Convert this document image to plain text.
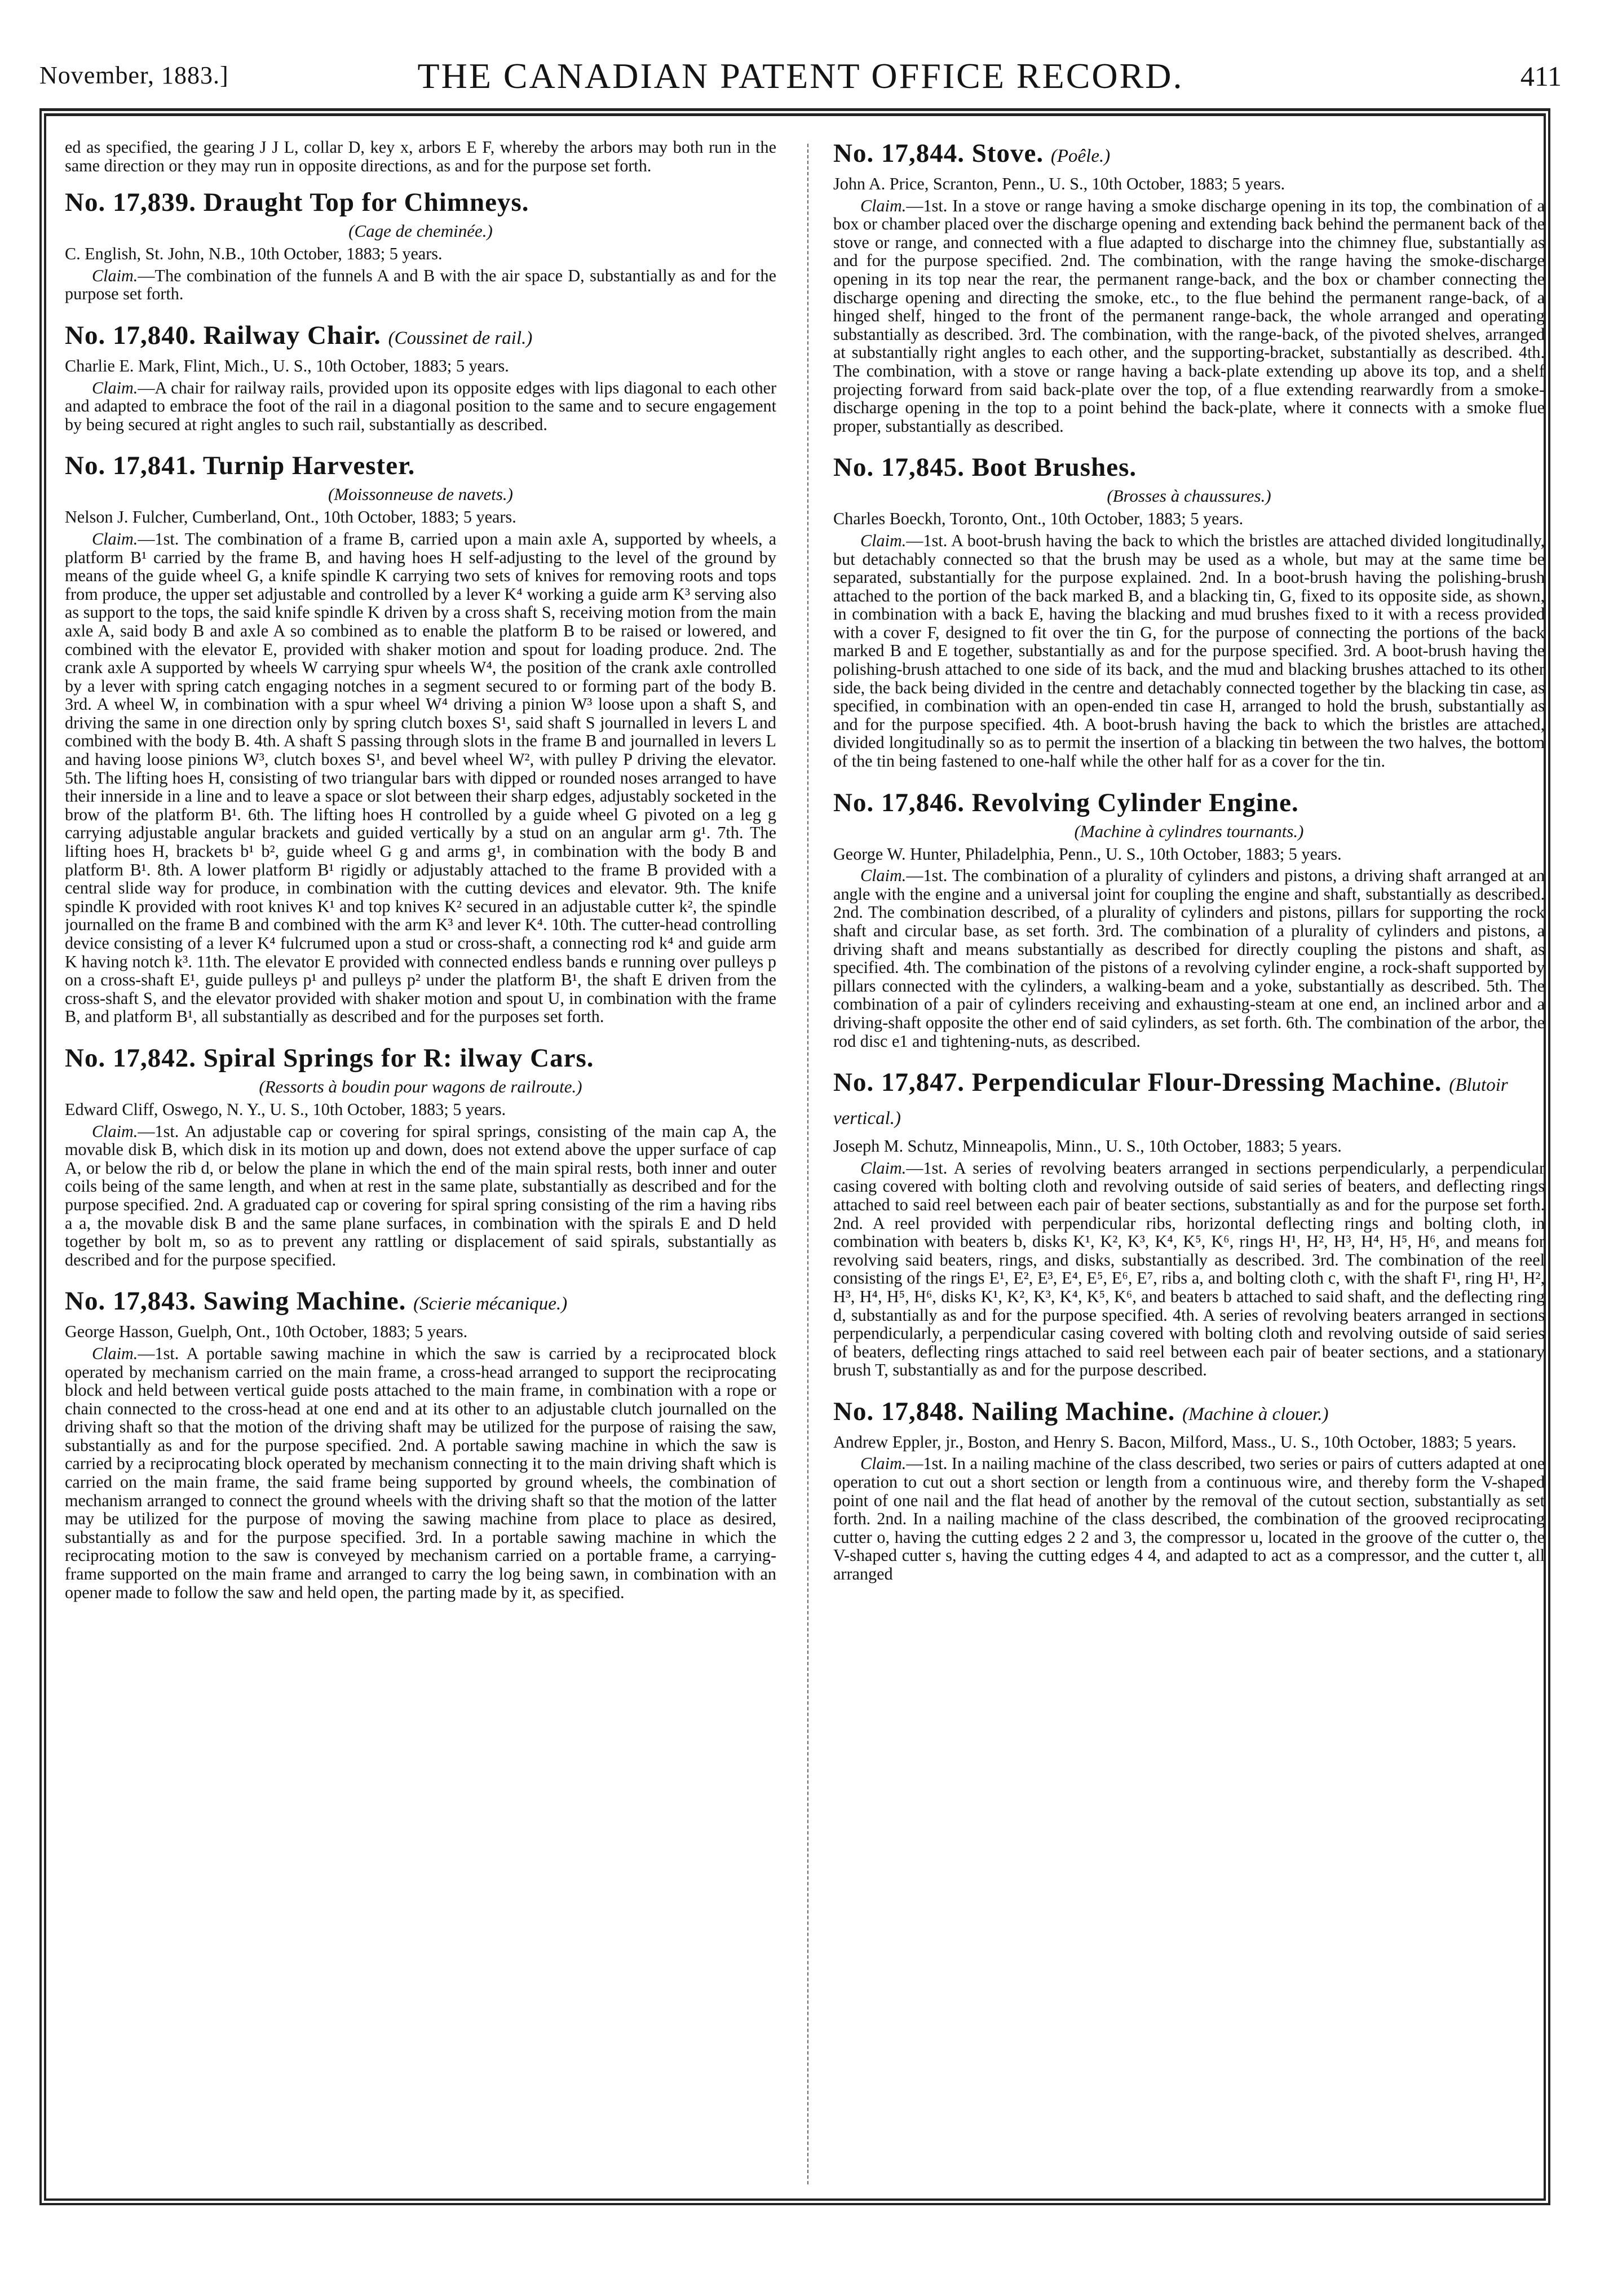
November, 1883.]	THE CANADIAN PATENT OFFICE RECORD.	411

ed as specified, the gearing J J L, collar D, key x, arbors E F, whereby the arbors may both run in the same direction or they may run in opposite directions, as and for the purpose set forth.

No. 17,839. Draught Top for Chimneys.
(Cage de cheminée.)

C. English, St. John, N.B., 10th October, 1883; 5 years.

Claim.—The combination of the funnels A and B with the air space D, substantially as and for the purpose set forth.

No. 17,840. Railway Chair. (Coussinet de rail.)

Charlie E. Mark, Flint, Mich., U. S., 10th October, 1883; 5 years.

Claim.—A chair for railway rails, provided upon its opposite edges with lips diagonal to each other and adapted to embrace the foot of the rail in a diagonal position to the same and to secure engagement by being secured at right angles to such rail, substantially as described.

No. 17,841. Turnip Harvester.
(Moissonneuse de navets.)

Nelson J. Fulcher, Cumberland, Ont., 10th October, 1883; 5 years.

Claim.—1st. The combination of a frame B, carried upon a main axle A, supported by wheels, a platform B¹ carried by the frame B, and having hoes H self-adjusting to the level of the ground by means of the guide wheel G, a knife spindle K carrying two sets of knives for removing roots and tops from produce, the upper set adjustable and controlled by a lever K⁴ working a guide arm K³ serving also as support to the tops, the said knife spindle K driven by a cross shaft S, receiving motion from the main axle A, said body B and axle A so combined as to enable the platform B to be raised or lowered, and combined with the elevator E, provided with shaker motion and spout for loading produce. 2nd. The crank axle A supported by wheels W carrying spur wheels W⁴, the position of the crank axle controlled by a lever with spring catch engaging notches in a segment secured to or forming part of the body B. 3rd. A wheel W, in combination with a spur wheel W⁴ driving a pinion W³ loose upon a shaft S, and driving the same in one direction only by spring clutch boxes S¹, said shaft S journalled in levers L and combined with the body B. 4th. A shaft S passing through slots in the frame B and journalled in levers L and having loose pinions W³, clutch boxes S¹, and bevel wheel W², with pulley P driving the elevator. 5th. The lifting hoes H, consisting of two triangular bars with dipped or rounded noses arranged to have their innerside in a line and to leave a space or slot between their sharp edges, adjustably socketed in the brow of the platform B¹. 6th. The lifting hoes H controlled by a guide wheel G pivoted on a leg g carrying adjustable angular brackets and guided vertically by a stud on an angular arm g¹. 7th. The lifting hoes H, brackets b¹ b², guide wheel G g and arms g¹, in combination with the body B and platform B¹. 8th. A lower platform B¹ rigidly or adjustably attached to the frame B provided with a central slide way for produce, in combination with the cutting devices and elevator. 9th. The knife spindle K provided with root knives K¹ and top knives K² secured in an adjustable cutter k², the spindle journalled on the frame B and combined with the arm K³ and lever K⁴. 10th. The cutter-head controlling device consisting of a lever K⁴ fulcrumed upon a stud or cross-shaft, a connecting rod k⁴ and guide arm K having notch k³. 11th. The elevator E provided with connected endless bands e running over pulleys p on a cross-shaft E¹, guide pulleys p¹ and pulleys p² under the platform B¹, the shaft E driven from the cross-shaft S, and the elevator provided with shaker motion and spout U, in combination with the frame B, and platform B¹, all substantially as described and for the purposes set forth.

No. 17,842. Spiral Springs for R: ilway Cars.
(Ressorts à boudin pour wagons de railroute.)

Edward Cliff, Oswego, N. Y., U. S., 10th October, 1883; 5 years.

Claim.—1st. An adjustable cap or covering for spiral springs, consisting of the main cap A, the movable disk B, which disk in its motion up and down, does not extend above the upper surface of cap A, or below the rib d, or below the plane in which the end of the main spiral rests, both inner and outer coils being of the same length, and when at rest in the same plate, substantially as described and for the purpose specified. 2nd. A graduated cap or covering for spiral spring consisting of the rim a having ribs a a, the movable disk B and the same plane surfaces, in combination with the spirals E and D held together by bolt m, so as to prevent any rattling or displacement of said spirals, substantially as described and for the purpose specified.

No. 17,843. Sawing Machine. (Scierie mécanique.)

George Hasson, Guelph, Ont., 10th October, 1883; 5 years.

Claim.—1st. A portable sawing machine in which the saw is carried by a reciprocated block operated by mechanism carried on the main frame, a cross-head arranged to support the reciprocating block and held between vertical guide posts attached to the main frame, in combination with a rope or chain connected to the cross-head at one end and at its other to an adjustable clutch journalled on the driving shaft so that the motion of the driving shaft may be utilized for the purpose of raising the saw, substantially as and for the purpose specified. 2nd. A portable sawing machine in which the saw is carried by a reciprocating block operated by mechanism connecting it to the main driving shaft which is carried on the main frame, the said frame being supported by ground wheels, the combination of mechanism arranged to connect the ground wheels with the driving shaft so that the motion of the latter may be utilized for the purpose of moving the sawing machine from place to place as desired, substantially as and for the purpose specified. 3rd. In a portable sawing machine in which the reciprocating motion to the saw is conveyed by mechanism carried on a portable frame, a carrying-frame supported on the main frame and arranged to carry the log being sawn, in combination with an opener made to follow the saw and held open, the parting made by it, as specified.

No. 17,844. Stove. (Poêle.)

John A. Price, Scranton, Penn., U. S., 10th October, 1883; 5 years.

Claim.—1st. In a stove or range having a smoke discharge opening in its top, the combination of a box or chamber placed over the discharge opening and extending back behind the permanent back of the stove or range, and connected with a flue adapted to discharge into the chimney flue, substantially as and for the purpose specified. 2nd. The combination, with the range having the smoke-discharge opening in its top near the rear, the permanent range-back, and the box or chamber connecting the discharge opening and directing the smoke, etc., to the flue behind the permanent range-back, of a hinged shelf, hinged to the front of the permanent range-back, the whole arranged and operating substantially as described. 3rd. The combination, with the range-back, of the pivoted shelves, arranged at substantially right angles to each other, and the supporting-bracket, substantially as described. 4th. The combination, with a stove or range having a back-plate extending up above its top, and a shelf projecting forward from said back-plate over the top, of a flue extending rearwardly from a smoke-discharge opening in the top to a point behind the back-plate, where it connects with a smoke flue proper, substantially as described.

No. 17,845. Boot Brushes.
(Brosses à chaussures.)

Charles Boeckh, Toronto, Ont., 10th October, 1883; 5 years.

Claim.—1st. A boot-brush having the back to which the bristles are attached divided longitudinally, but detachably connected so that the brush may be used as a whole, but may at the same time be separated, substantially for the purpose explained. 2nd. In a boot-brush having the polishing-brush attached to the portion of the back marked B, and a blacking tin, G, fixed to its opposite side, as shown, in combination with a back E, having the blacking and mud brushes fixed to it with a recess provided with a cover F, designed to fit over the tin G, for the purpose of connecting the portions of the back marked B and E together, substantially as and for the purpose specified. 3rd. A boot-brush having the polishing-brush attached to one side of its back, and the mud and blacking brushes attached to its other side, the back being divided in the centre and detachably connected together by the blacking tin case, as specified, in combination with an open-ended tin case H, arranged to hold the brush, substantially as and for the purpose specified. 4th. A boot-brush having the back to which the bristles are attached, divided longitudinally so as to permit the insertion of a blacking tin between the two halves, the bottom of the tin being fastened to one-half while the other half for as a cover for the tin.

No. 17,846. Revolving Cylinder Engine.
(Machine à cylindres tournants.)

George W. Hunter, Philadelphia, Penn., U. S., 10th October, 1883; 5 years.

Claim.—1st. The combination of a plurality of cylinders and pistons, a driving shaft arranged at an angle with the engine and a universal joint for coupling the engine and shaft, substantially as described. 2nd. The combination described, of a plurality of cylinders and pistons, pillars for supporting the rock shaft and circular base, as set forth. 3rd. The combination of a plurality of cylinders and pistons, a driving shaft and means substantially as described for directly coupling the pistons and shaft, as specified. 4th. The combination of the pistons of a revolving cylinder engine, a rock-shaft supported by pillars connected with the cylinders, a walking-beam and a yoke, substantially as described. 5th. The combination of a pair of cylinders receiving and exhausting-steam at one end, an inclined arbor and a driving-shaft opposite the other end of said cylinders, as set forth. 6th. The combination of the arbor, the rod disc e1 and tightening-nuts, as described.

No. 17,847. Perpendicular Flour-Dressing Machine. (Blutoir vertical.)

Joseph M. Schutz, Minneapolis, Minn., U. S., 10th October, 1883; 5 years.

Claim.—1st. A series of revolving beaters arranged in sections perpendicularly, a perpendicular casing covered with bolting cloth and revolving outside of said series of beaters, and deflecting rings attached to said reel between each pair of beater sections, substantially as and for the purpose set forth. 2nd. A reel provided with perpendicular ribs, horizontal deflecting rings and bolting cloth, in combination with beaters b, disks K¹, K², K³, K⁴, K⁵, K⁶, rings H¹, H², H³, H⁴, H⁵, H⁶, and means for revolving said beaters, rings, and disks, substantially as described. 3rd. The combination of the reel consisting of the rings E¹, E², E³, E⁴, E⁵, E⁶, E⁷, ribs a, and bolting cloth c, with the shaft F¹, ring H¹, H², H³, H⁴, H⁵, H⁶, disks K¹, K², K³, K⁴, K⁵, K⁶, and beaters b attached to said shaft, and the deflecting ring d, substantially as and for the purpose specified. 4th. A series of revolving beaters arranged in sections perpendicularly, a perpendicular casing covered with bolting cloth and revolving outside of said series of beaters, deflecting rings attached to said reel between each pair of beater sections, and a stationary brush T, substantially as and for the purpose described.

No. 17,848. Nailing Machine. (Machine à clouer.)

Andrew Eppler, jr., Boston, and Henry S. Bacon, Milford, Mass., U. S., 10th October, 1883; 5 years.

Claim.—1st. In a nailing machine of the class described, two series or pairs of cutters adapted at one operation to cut out a short section or length from a continuous wire, and thereby form the V-shaped point of one nail and the flat head of another by the removal of the cutout section, substantially as set forth. 2nd. In a nailing machine of the class described, the combination of the grooved reciprocating cutter o, having the cutting edges 2 2 and 3, the compressor u, located in the groove of the cutter o, the V-shaped cutter s, having the cutting edges 4 4, and adapted to act as a compressor, and the cutter t, all arranged
